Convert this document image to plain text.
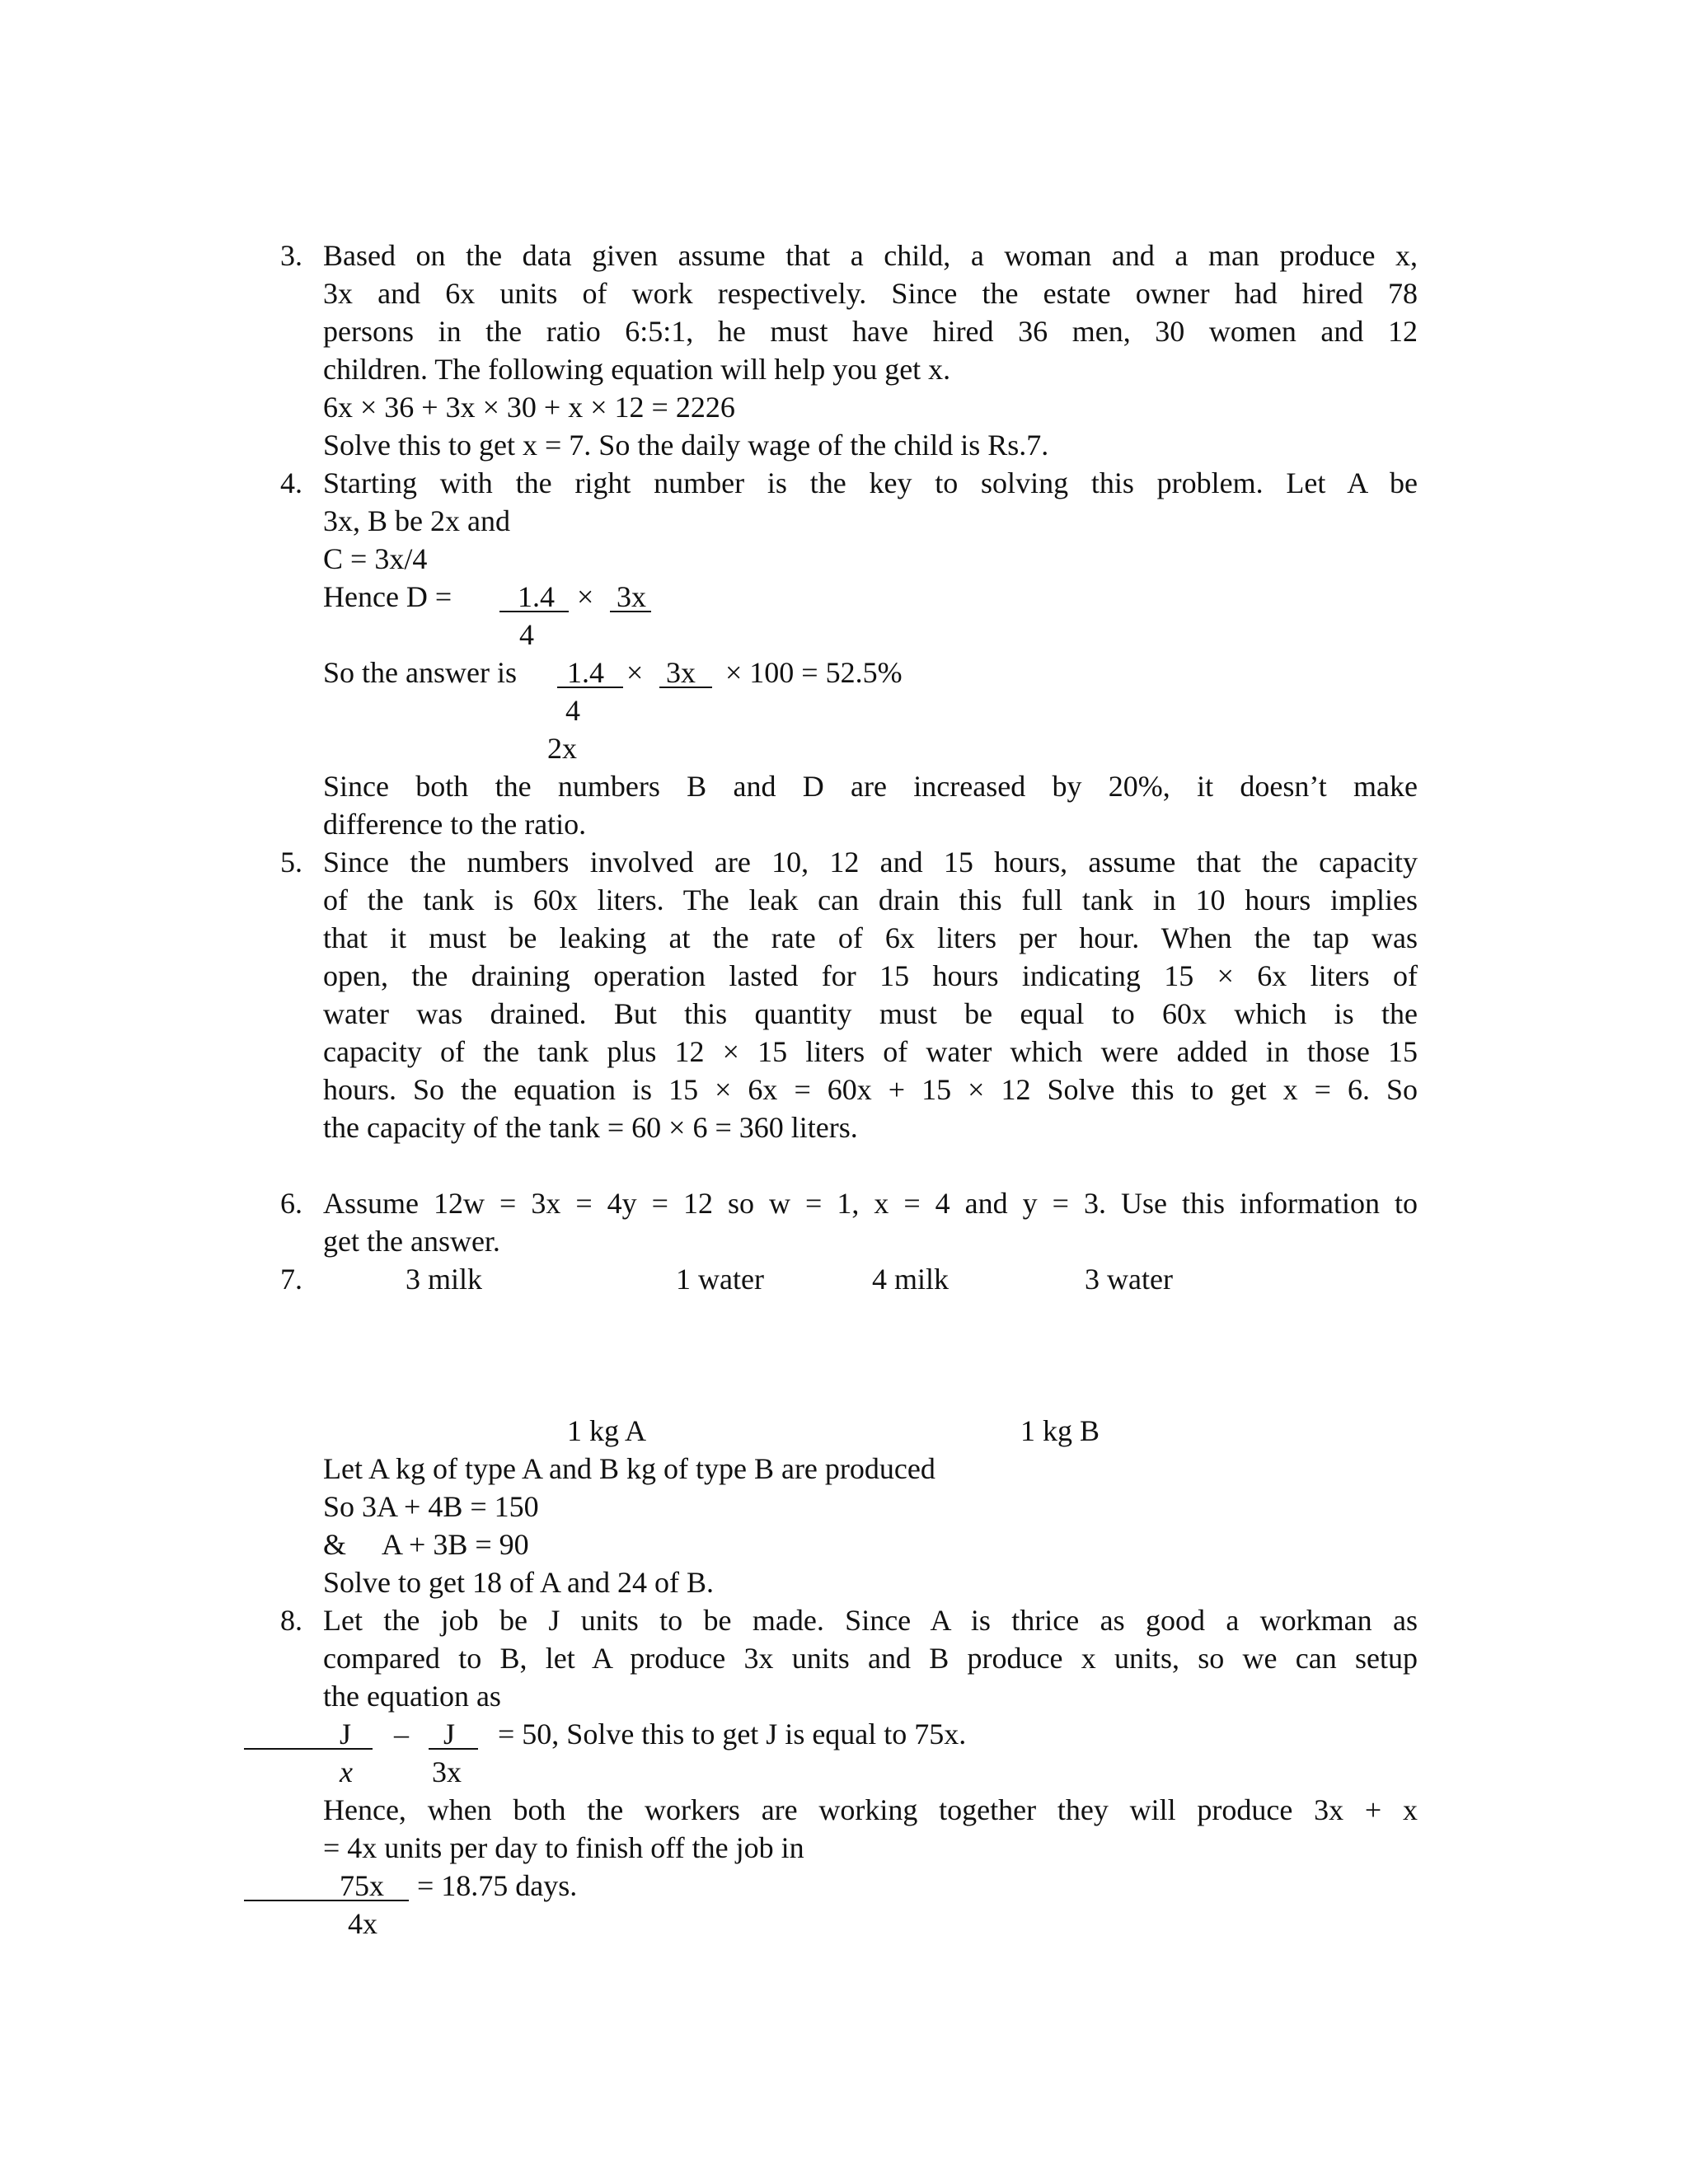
3. Based on the data given assume that a child, a woman and a man produce x,
3x and 6x units of work respectively. Since the estate owner had hired 78
persons in the ratio 6:5:1, he must have hired 36 men, 30 women and 12
children. The following equation will help you get x.
6x × 36 + 3x × 30 + x × 12 = 2226
Solve this to get x = 7. So the daily wage of the child is Rs.7.
4. Starting with the right number is the key to solving this problem. Let A be
3x, B be 2x and
C = 3x/4
Hence D = 1.4 × 3x
4
So the answer is 1.4 × 3x × 100 = 52.5%
4
2x
Since both the numbers B and D are increased by 20%, it doesn’t make
difference to the ratio.
5. Since the numbers involved are 10, 12 and 15 hours, assume that the capacity
of the tank is 60x liters. The leak can drain this full tank in 10 hours implies
that it must be leaking at the rate of 6x liters per hour. When the tap was
open, the draining operation lasted for 15 hours indicating 15 × 6x liters of
water was drained. But this quantity must be equal to 60x which is the
capacity of the tank plus 12 × 15 liters of water which were added in those 15
hours. So the equation is 15 × 6x = 60x + 15 × 12 Solve this to get x = 6. So
the capacity of the tank = 60 × 6 = 360 liters.
6. Assume 12w = 3x = 4y = 12 so w = 1, x = 4 and y = 3. Use this information to
get the answer.
7.	3 milk	1 water	4 milk	3 water
1 kg A	1 kg B
Let A kg of type A and B kg of type B are produced
So 3A + 4B = 150
&     A + 3B = 90
Solve to get 18 of A and 24 of B.
8. Let the job be J units to be made. Since A is thrice as good a workman as
compared to B, let A produce 3x units and B produce x units, so we can setup
the equation as
J – J = 50, Solve this to get J is equal to 75x.
x	3x
Hence, when both the workers are working together they will produce 3x + x
= 4x units per day to finish off the job in
75x = 18.75 days.
4x
